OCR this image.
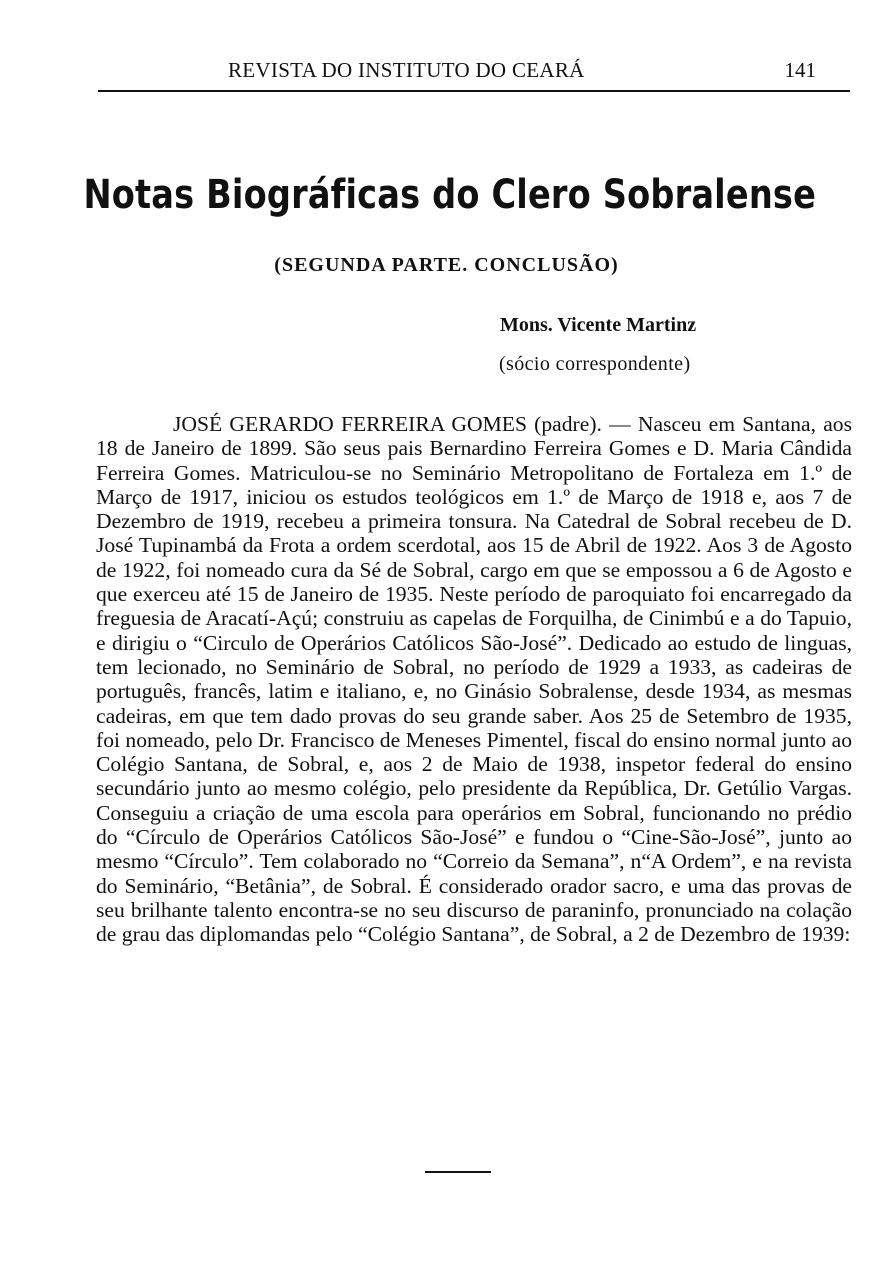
REVISTA DO INSTITUTO DO CEARÁ	141
Notas Biográficas do Clero Sobralense
(SEGUNDA PARTE. CONCLUSÃO)
Mons. Vicente Martinz
(sócio correspondente)

JOSÉ GERARDO FERREIRA GOMES (padre). — Nasceu em Santana, aos 18 de Janeiro de 1899. São seus pais Bernardino Ferreira Gomes e D. Maria Cândida Ferreira Gomes. Matriculou-se no Seminário Metropolitano de Fortaleza em 1.º de Março de 1917, iniciou os estudos teológicos em 1.º de Março de 1918 e, aos 7 de Dezembro de 1919, recebeu a primeira tonsura. Na Catedral de Sobral recebeu de D. José Tupinambá da Frota a ordem scerdotal, aos 15 de Abril de 1922. Aos 3 de Agosto de 1922, foi nomeado cura da Sé de Sobral, cargo em que se empossou a 6 de Agosto e que exerceu até 15 de Janeiro de 1935. Neste período de paroquiato foi encarregado da freguesia de Aracatí-Açú; construiu as capelas de Forquilha, de Cinimbú e a do Tapuio, e dirigiu o “Circulo de Operários Católicos São-José”. Dedicado ao estudo de linguas, tem lecionado, no Seminário de Sobral, no período de 1929 a 1933, as cadeiras de português, francês, latim e italiano, e, no Ginásio Sobralense, desde 1934, as mesmas cadeiras, em que tem dado provas do seu grande saber. Aos 25 de Setembro de 1935, foi nomeado, pelo Dr. Francisco de Meneses Pimentel, fiscal do ensino normal junto ao Colégio Santana, de Sobral, e, aos 2 de Maio de 1938, inspetor federal do ensino secundário junto ao mesmo colégio, pelo presidente da República, Dr. Getúlio Vargas. Conseguiu a criação de uma escola para operários em Sobral, funcionando no prédio do “Círculo de Operários Católicos São-José” e fundou o “Cine-São-José”, junto ao mesmo “Círculo”. Tem colaborado no “Correio da Semana”, n“A Ordem”, e na revista do Seminário, “Betânia”, de Sobral. É considerado orador sacro, e uma das provas de seu brilhante talento encontra-se no seu discurso de paraninfo, pronunciado na colação de grau das diplomandas pelo “Colégio Santana”, de Sobral, a 2 de Dezembro de 1939:
